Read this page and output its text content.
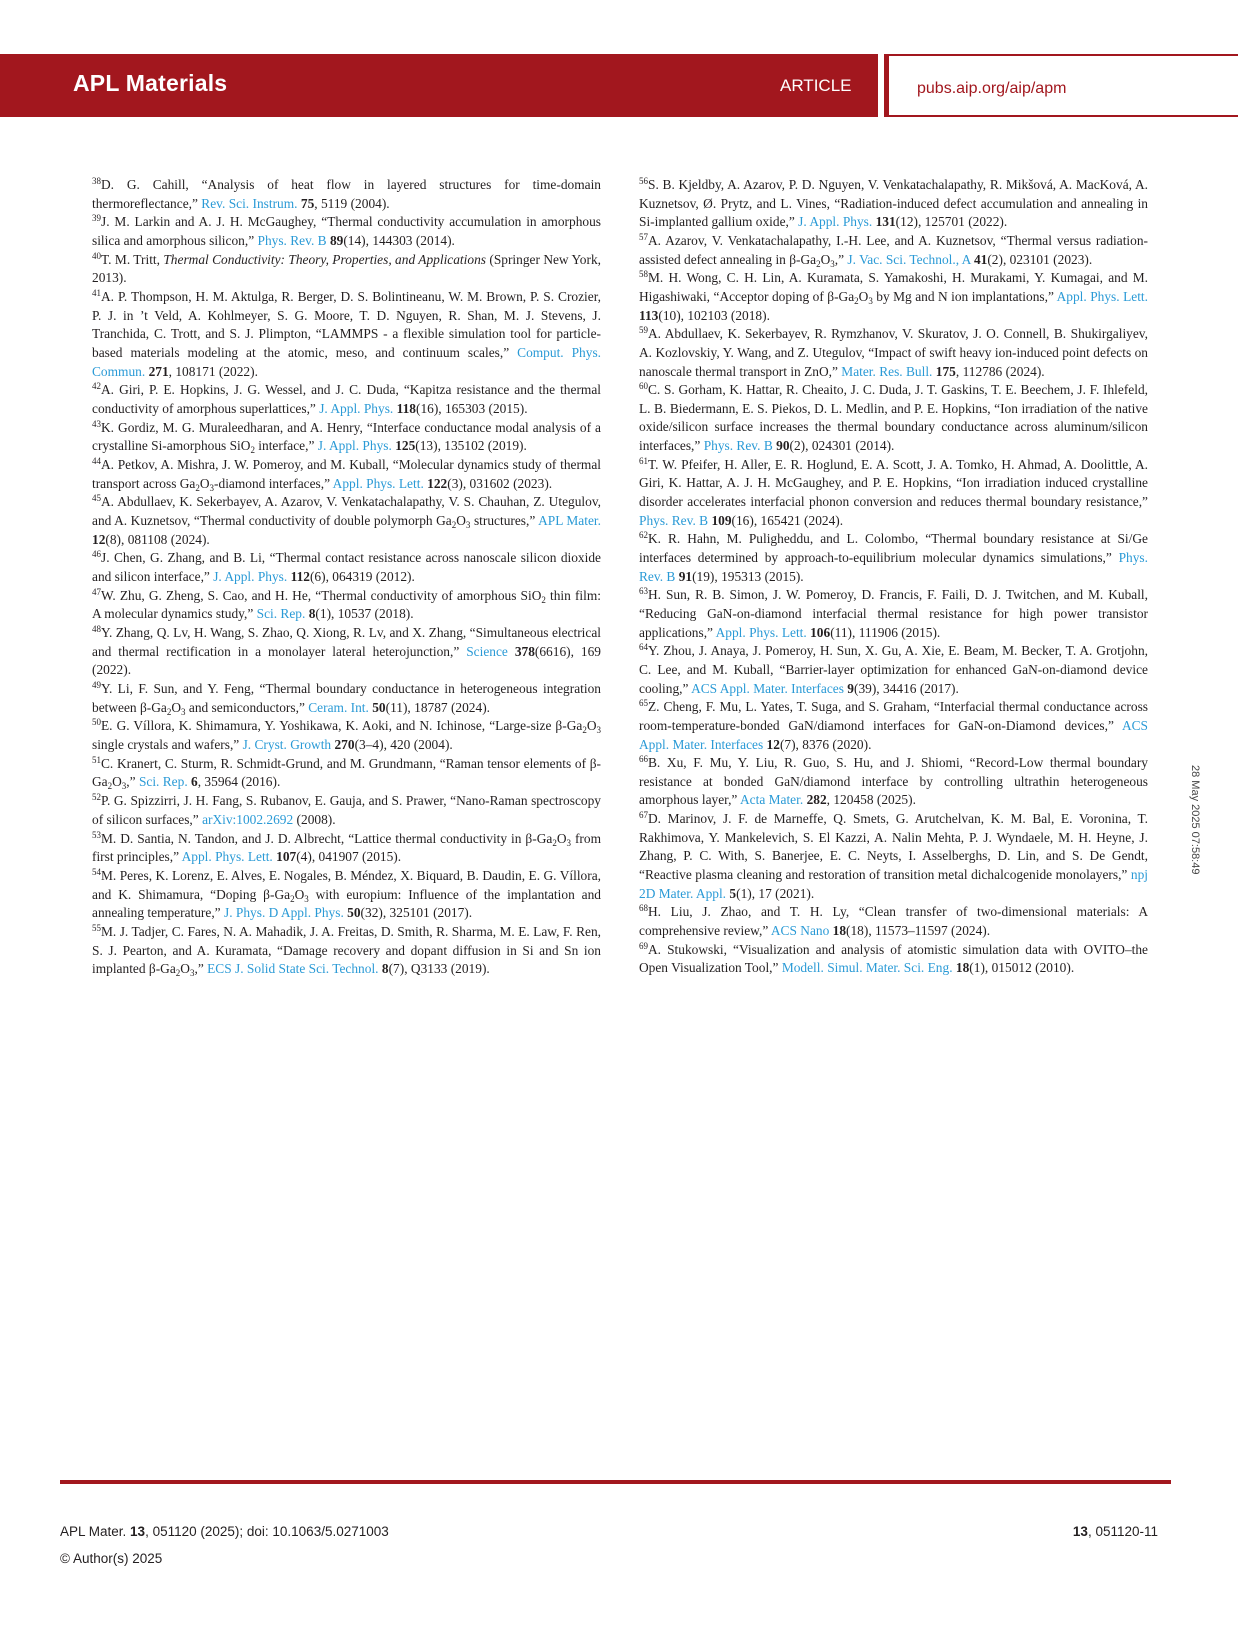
APL Materials	ARTICLE	pubs.aip.org/aip/apm
$^{38}$D. G. Cahill, “Analysis of heat flow in layered structures for time-domain thermoreflectance,” Rev. Sci. Instrum. 75, 5119 (2004).
$^{39}$J. M. Larkin and A. J. H. McGaughey, “Thermal conductivity accumulation in amorphous silica and amorphous silicon,” Phys. Rev. B 89(14), 144303 (2014).
$^{40}$T. M. Tritt, Thermal Conductivity: Theory, Properties, and Applications (Springer New York, 2013).
$^{41}$A. P. Thompson, H. M. Aktulga, R. Berger, D. S. Bolintineanu, W. M. Brown, P. S. Crozier, P. J. in ’t Veld, A. Kohlmeyer, S. G. Moore, T. D. Nguyen, R. Shan, M. J. Stevens, J. Tranchida, C. Trott, and S. J. Plimpton, “LAMMPS - a flexible simulation tool for particle-based materials modeling at the atomic, meso, and continuum scales,” Comput. Phys. Commun. 271, 108171 (2022).
$^{42}$A. Giri, P. E. Hopkins, J. G. Wessel, and J. C. Duda, “Kapitza resistance and the thermal conductivity of amorphous superlattices,” J. Appl. Phys. 118(16), 165303 (2015).
$^{43}$K. Gordiz, M. G. Muraleedharan, and A. Henry, “Interface conductance modal analysis of a crystalline Si-amorphous SiO$_2$ interface,” J. Appl. Phys. 125(13), 135102 (2019).
$^{44}$A. Petkov, A. Mishra, J. W. Pomeroy, and M. Kuball, “Molecular dynamics study of thermal transport across $Ga_2O_3$-diamond interfaces,” Appl. Phys. Lett. 122(3), 031602 (2023).
$^{45}$A. Abdullaev, K. Sekerbayev, A. Azarov, V. Venkatachalapathy, V. S. Chauhan, Z. Utegulov, and A. Kuznetsov, “Thermal conductivity of double polymorph $Ga_2O_3$ structures,” APL Mater. 12(8), 081108 (2024).
$^{46}$J. Chen, G. Zhang, and B. Li, “Thermal contact resistance across nanoscale silicon dioxide and silicon interface,” J. Appl. Phys. 112(6), 064319 (2012).
$^{47}$W. Zhu, G. Zheng, S. Cao, and H. He, “Thermal conductivity of amorphous SiO$_2$ thin film: A molecular dynamics study,” Sci. Rep. 8(1), 10537 (2018).
$^{48}$Y. Zhang, Q. Lv, H. Wang, S. Zhao, Q. Xiong, R. Lv, and X. Zhang, “Simultaneous electrical and thermal rectification in a monolayer lateral heterojunction,” Science 378(6616), 169 (2022).
$^{49}$Y. Li, F. Sun, and Y. Feng, “Thermal boundary conductance in heterogeneous integration between $\beta-Ga_2O_3$ and semiconductors,” Ceram. Int. 50(11), 18787 (2024).
$^{50}$E. G. Víllora, K. Shimamura, Y. Yoshikawa, K. Aoki, and N. Ichinose, “Large-size $\beta-Ga_2O_3$ single crystals and wafers,” J. Cryst. Growth 270(3–4), 420 (2004).
$^{51}$C. Kranert, C. Sturm, R. Schmidt-Grund, and M. Grundmann, “Raman tensor elements of $\beta-Ga_2O_3$,” Sci. Rep. 6, 35964 (2016).
$^{52}$P. G. Spizzirri, J. H. Fang, S. Rubanov, E. Gauja, and S. Prawer, “Nano-Raman spectroscopy of silicon surfaces,” arXiv:1002.2692 (2008).
$^{53}$M. D. Santia, N. Tandon, and J. D. Albrecht, “Lattice thermal conductivity in $\beta-Ga_2O_3$ from first principles,” Appl. Phys. Lett. 107(4), 041907 (2015).
$^{54}$M. Peres, K. Lorenz, E. Alves, E. Nogales, B. Méndez, X. Biquard, B. Daudin, E. G. Víllora, and K. Shimamura, “Doping $\beta-Ga_2O_3$ with europium: Influence of the implantation and annealing temperature,” J. Phys. D Appl. Phys. 50(32), 325101 (2017).
$^{55}$M. J. Tadjer, C. Fares, N. A. Mahadik, J. A. Freitas, D. Smith, R. Sharma, M. E. Law, F. Ren, S. J. Pearton, and A. Kuramata, “Damage recovery and dopant diffusion in Si and Sn ion implanted $\beta-Ga_2O_3$,” ECS J. Solid State Sci. Technol. 8(7), Q3133 (2019).
$^{56}$S. B. Kjeldby, A. Azarov, P. D. Nguyen, V. Venkatachalapathy, R. Mikšová, A. MacKová, A. Kuznetsov, Ø. Prytz, and L. Vines, “Radiation-induced defect accumulation and annealing in Si-implanted gallium oxide,” J. Appl. Phys. 131(12), 125701 (2022).
$^{57}$A. Azarov, V. Venkatachalapathy, I.-H. Lee, and A. Kuznetsov, “Thermal versus radiation-assisted defect annealing in $\beta-Ga_2O_3$,” J. Vac. Sci. Technol., A 41(2), 023101 (2023).
$^{58}$M. H. Wong, C. H. Lin, A. Kuramata, S. Yamakoshi, H. Murakami, Y. Kumagai, and M. Higashiwaki, “Acceptor doping of $\beta-Ga_2O_3$ by Mg and N ion implantations,” Appl. Phys. Lett. 113(10), 102103 (2018).
$^{59}$A. Abdullaev, K. Sekerbayev, R. Rymzhanov, V. Skuratov, J. O. Connell, B. Shukirgaliyev, A. Kozlovskiy, Y. Wang, and Z. Utegulov, “Impact of swift heavy ion-induced point defects on nanoscale thermal transport in ZnO,” Mater. Res. Bull. 175, 112786 (2024).
$^{60}$C. S. Gorham, K. Hattar, R. Cheaito, J. C. Duda, J. T. Gaskins, T. E. Beechem, J. F. Ihlefeld, L. B. Biedermann, E. S. Piekos, D. L. Medlin, and P. E. Hopkins, “Ion irradiation of the native oxide/silicon surface increases the thermal boundary conductance across aluminum/silicon interfaces,” Phys. Rev. B 90(2), 024301 (2014).
$^{61}$T. W. Pfeifer, H. Aller, E. R. Hoglund, E. A. Scott, J. A. Tomko, H. Ahmad, A. Doolittle, A. Giri, K. Hattar, A. J. H. McGaughey, and P. E. Hopkins, “Ion irradiation induced crystalline disorder accelerates interfacial phonon conversion and reduces thermal boundary resistance,” Phys. Rev. B 109(16), 165421 (2024).
$^{62}$K. R. Hahn, M. Puligheddu, and L. Colombo, “Thermal boundary resistance at Si/Ge interfaces determined by approach-to-equilibrium molecular dynamics simulations,” Phys. Rev. B 91(19), 195313 (2015).
$^{63}$H. Sun, R. B. Simon, J. W. Pomeroy, D. Francis, F. Faili, D. J. Twitchen, and M. Kuball, “Reducing GaN-on-diamond interfacial thermal resistance for high power transistor applications,” Appl. Phys. Lett. 106(11), 111906 (2015).
$^{64}$Y. Zhou, J. Anaya, J. Pomeroy, H. Sun, X. Gu, A. Xie, E. Beam, M. Becker, T. A. Grotjohn, C. Lee, and M. Kuball, “Barrier-layer optimization for enhanced GaN-on-diamond device cooling,” ACS Appl. Mater. Interfaces 9(39), 34416 (2017).
$^{65}$Z. Cheng, F. Mu, L. Yates, T. Suga, and S. Graham, “Interfacial thermal conductance across room-temperature-bonded GaN/diamond interfaces for GaN-on-Diamond devices,” ACS Appl. Mater. Interfaces 12(7), 8376 (2020).
$^{66}$B. Xu, F. Mu, Y. Liu, R. Guo, S. Hu, and J. Shiomi, “Record-Low thermal boundary resistance at bonded GaN/diamond interface by controlling ultrathin heterogeneous amorphous layer,” Acta Mater. 282, 120458 (2025).
$^{67}$D. Marinov, J. F. de Marneffe, Q. Smets, G. Arutchelvan, K. M. Bal, E. Voronina, T. Rakhimova, Y. Mankelevich, S. El Kazzi, A. Nalin Mehta, P. J. Wyndaele, M. H. Heyne, J. Zhang, P. C. With, S. Banerjee, E. C. Neyts, I. Asselberghs, D. Lin, and S. De Gendt, “Reactive plasma cleaning and restoration of transition metal dichalcogenide monolayers,” npj 2D Mater. Appl. 5(1), 17 (2021).
$^{68}$H. Liu, J. Zhao, and T. H. Ly, “Clean transfer of two-dimensional materials: A comprehensive review,” ACS Nano 18(18), 11573–11597 (2024).
$^{69}$A. Stukowski, “Visualization and analysis of atomistic simulation data with OVITO–the Open Visualization Tool,” Modell. Simul. Mater. Sci. Eng. 18(1), 015012 (2010).
28 May 2025 07:58:49
APL Mater. 13, 051120 (2025); doi: 10.1063/5.0271003
© Author(s) 2025
13, 051120-11
